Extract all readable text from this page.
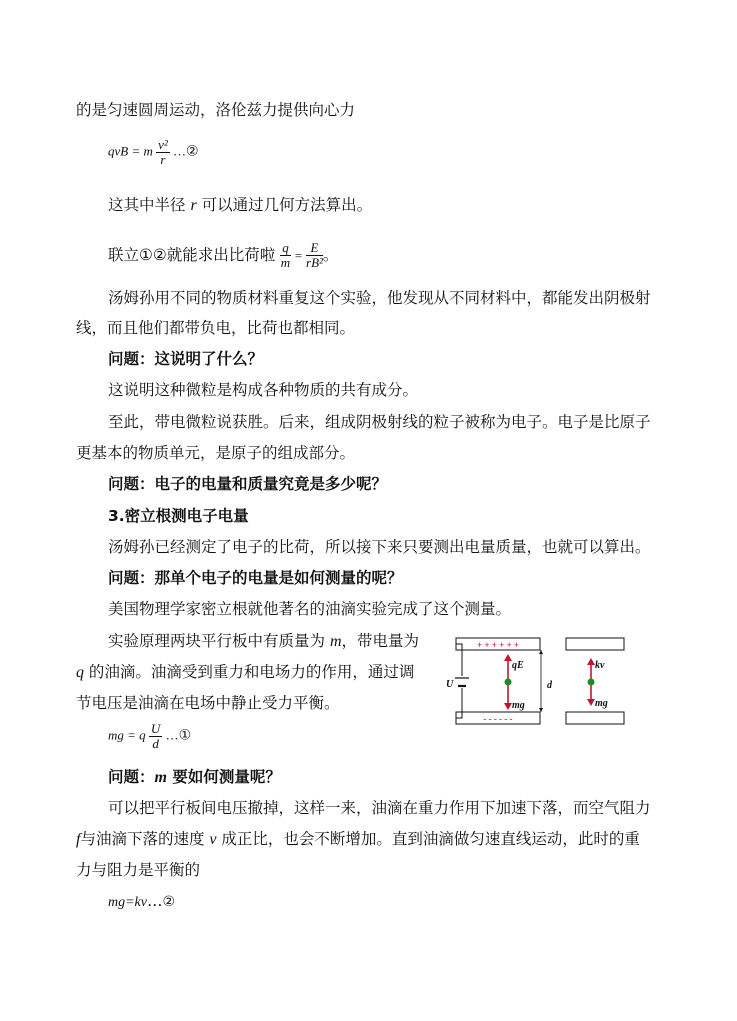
的是匀速圆周运动，洛伦兹力提供向心力
qvB = m $\frac{\text{v²}}{r}$ …②
这其中半径 r 可以通过几何方法算出。
联立①②就能求出比荷啦 $\frac{q}{m} = \frac{E}{\text{rB²}}$ 。
汤姆孙用不同的物质材料重复这个实验，他发现从不同材料中，都能发出阴极射
线，而且他们都带负电，比荷也都相同。
问题：这说明了什么？
这说明这种微粒是构成各种物质的共有成分。
至此，带电微粒说获胜。后来，组成阴极射线的粒子被称为电子。电子是比原子
更基本的物质单元，是原子的组成部分。
问题：电子的电量和质量究竟是多少呢？
3.密立根测电子电量
汤姆孙已经测定了电子的比荷，所以接下来只要测出电量质量，也就可以算出。
问题：那单个电子的电量是如何测量的呢？
美国物理学家密立根就他著名的油滴实验完成了这个测量。
实验原理两块平行板中有质量为 m，带电量为
q 的油滴。油滴受到重力和电场力的作用，通过调
节电压是油滴在电场中静止受力平衡。
mg = q $\frac{U}{d}$ …①
问题：m 要如何测量呢？
可以把平行板间电压撤掉，这样一来，油滴在重力作用下加速下落，而空气阻力
f与油滴下落的速度 v 成正比，也会不断增加。直到油滴做匀速直线运动，此时的重
力与阻力是平衡的
mg=kv…②
+ + + + + +
- - - - - -
U
qE
mg
d
kv
mg
